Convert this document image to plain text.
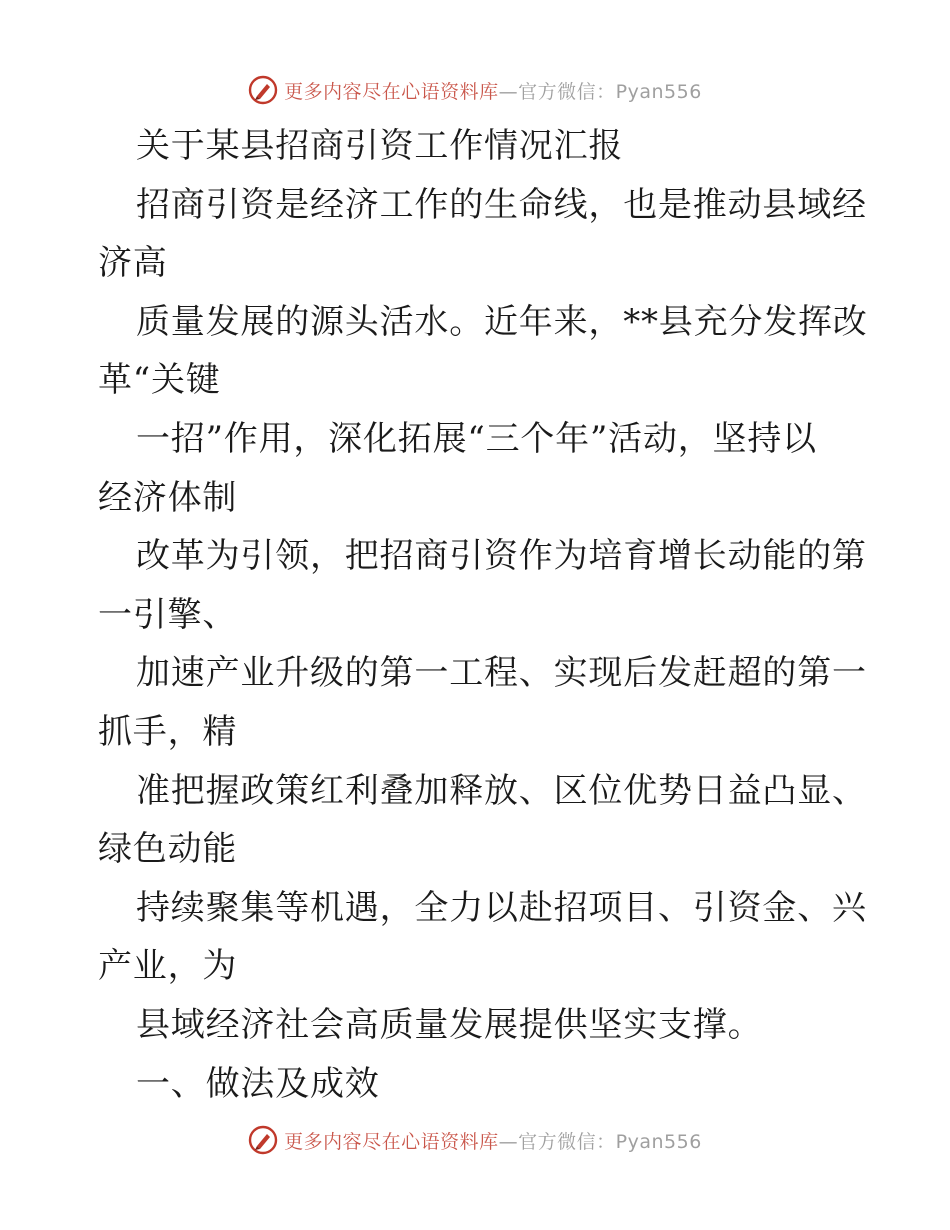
更多内容尽在心语资料库—官方微信：Pyan556
关于某县招商引资工作情况汇报
招商引资是经济工作的生命线，也是推动县域经
济高
质量发展的源头活水。近年来，**县充分发挥改
革“关键
一招”作用，深化拓展“三个年”活动，坚持以
经济体制
改革为引领，把招商引资作为培育增长动能的第
一引擎、
加速产业升级的第一工程、实现后发赶超的第一
抓手，精
准把握政策红利叠加释放、区位优势日益凸显、
绿色动能
持续聚集等机遇，全力以赴招项目、引资金、兴
产业，为
县域经济社会高质量发展提供坚实支撑。
一、做法及成效
更多内容尽在心语资料库—官方微信：Pyan556
